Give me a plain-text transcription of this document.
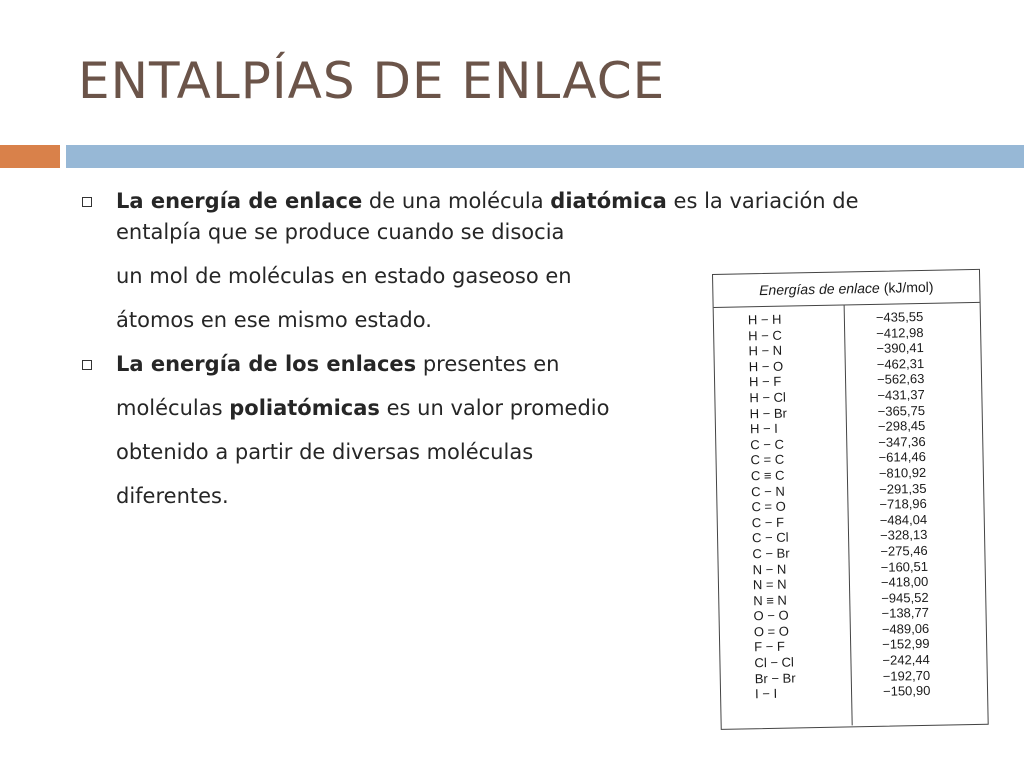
ENTALPÍAS DE ENLACE

La energía de enlace de una molécula diatómica es la variación de

entalpía que se produce cuando se disocia

un mol de moléculas en estado gaseoso en

átomos en ese mismo estado.

La energía de los enlaces presentes en

moléculas poliatómicas es un valor promedio

obtenido a partir de diversas moléculas

diferentes.

Energías de enlace (kJ/mol)
H − H
H − C
H − N
H − O
H − F
H − Cl
H − Br
H − I
C − C
C = C
C ≡ C
C − N
C = O
C − F
C − Cl
C − Br
N − N
N = N
N ≡ N
O − O
O = O
F − F
Cl − Cl
Br − Br
I − I
−435,55
−412,98
−390,41
−462,31
−562,63
−431,37
−365,75
−298,45
−347,36
−614,46
−810,92
−291,35
−718,96
−484,04
−328,13
−275,46
−160,51
−418,00
−945,52
−138,77
−489,06
−152,99
−242,44
−192,70
−150,90
